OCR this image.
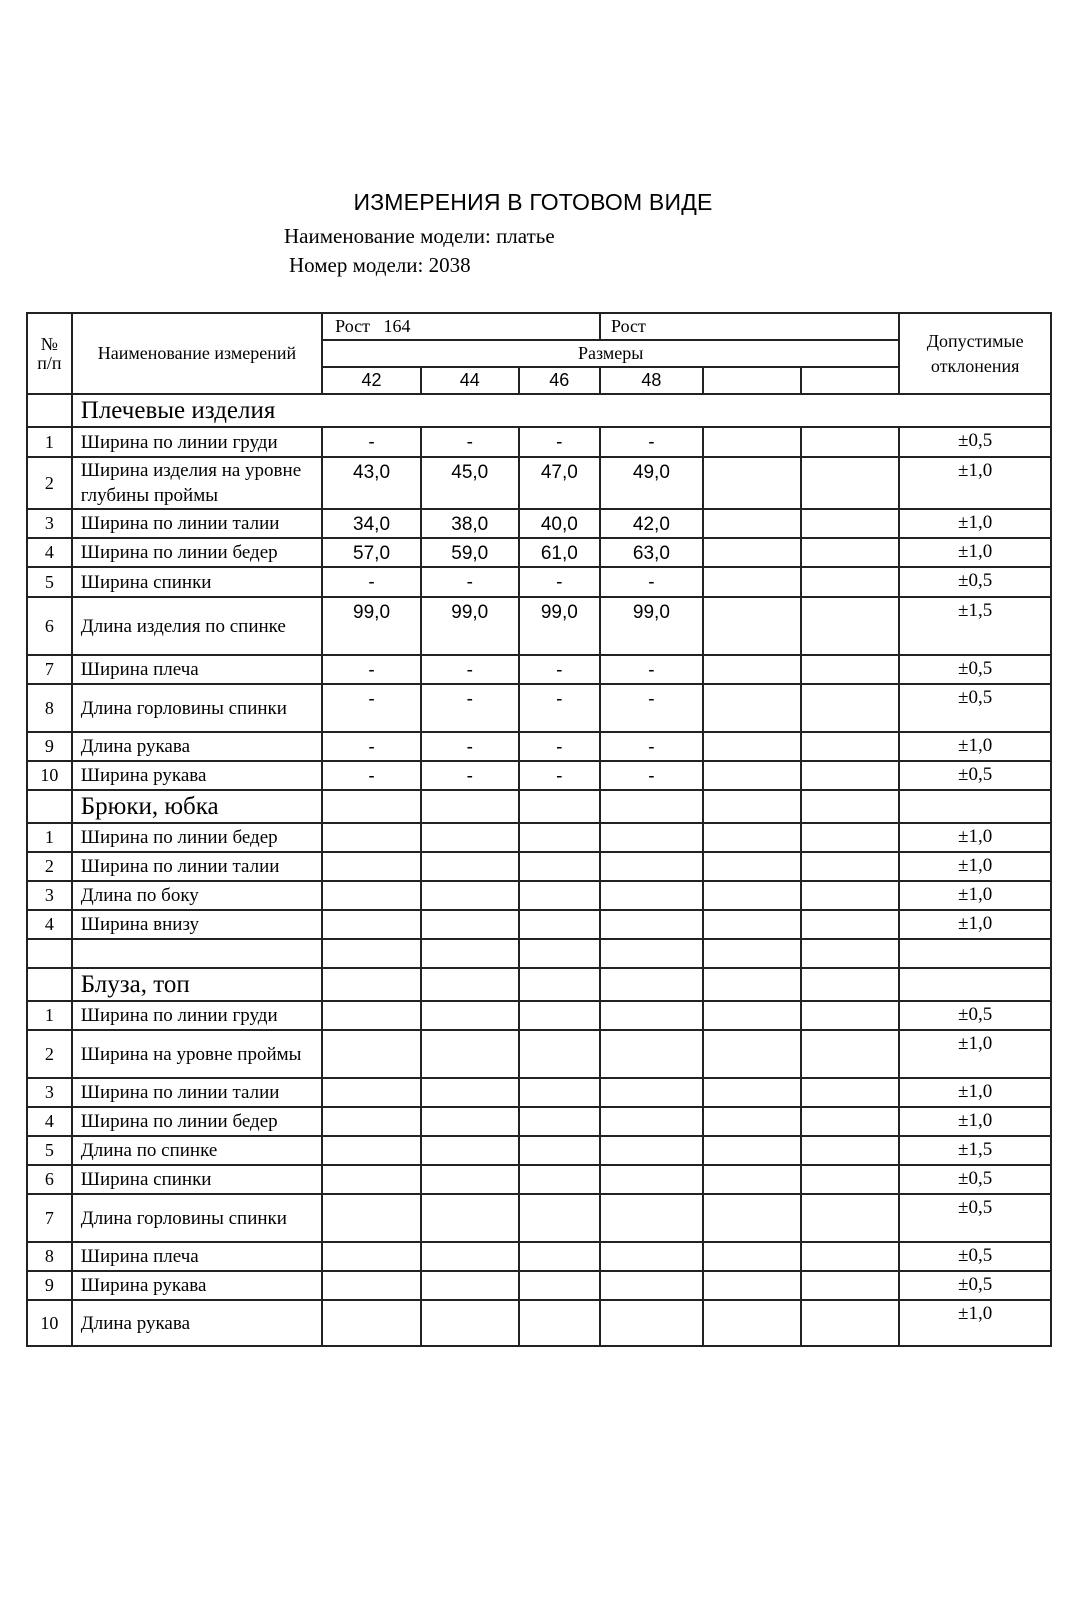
ИЗМЕРЕНИЯ В ГОТОВОМ ВИДЕ
Наименование модели: платье
Номер модели: 2038
№ п/п	Наименование измерений	Рост   164			Рост			Допустимые отклонения
		Размеры						
		42	44	46	48			
	Плечевые изделия							
1	Ширина по линии груди	-	-	-	-			±0,5
2	Ширина изделия на уровне глубины проймы	43,0	45,0	47,0	49,0			±1,0
3	Ширина по линии талии	34,0	38,0	40,0	42,0			±1,0
4	Ширина по линии бедер	57,0	59,0	61,0	63,0			±1,0
5	Ширина спинки	-	-	-	-			±0,5
6	Длина изделия по спинке	99,0	99,0	99,0	99,0			±1,5
7	Ширина плеча	-	-	-	-			±0,5
8	Длина горловины спинки	-	-	-	-			±0,5
9	Длина рукава	-	-	-	-			±1,0
10	Ширина рукава	-	-	-	-			±0,5
	Брюки, юбка							
1	Ширина по линии бедер							±1,0
2	Ширина по линии талии							±1,0
3	Длина по боку							±1,0
4	Ширина внизу							±1,0

	Блуза, топ							
1	Ширина по линии груди							±0,5
2	Ширина на уровне проймы							±1,0
3	Ширина по линии талии							±1,0
4	Ширина по линии бедер							±1,0
5	Длина по спинке							±1,5
6	Ширина спинки							±0,5
7	Длина горловины спинки							±0,5
8	Ширина плеча							±0,5
9	Ширина рукава							±0,5
10	Длина рукава							±1,0
